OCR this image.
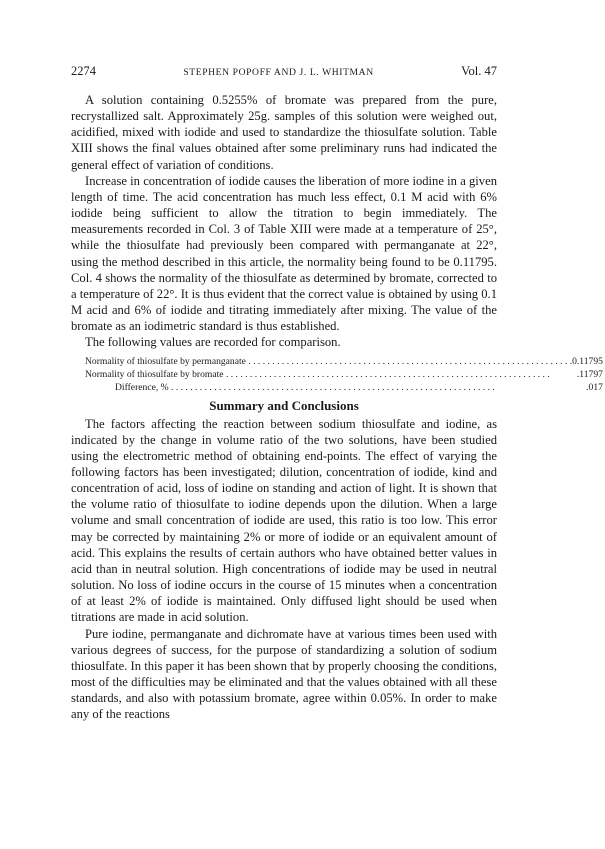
2274	STEPHEN POPOFF AND J. L. WHITMAN	Vol. 47

A solution containing 0.5255% of bromate was prepared from the pure, recrystallized salt. Approximately 25g. samples of this solution were weighed out, acidified, mixed with iodide and used to standardize the thiosulfate solution. Table XIII shows the final values obtained after some preliminary runs had indicated the general effect of variation of conditions.

Increase in concentration of iodide causes the liberation of more iodine in a given length of time. The acid concentration has much less effect, 0.1 M acid with 6% iodide being sufficient to allow the titration to begin immediately. The measurements recorded in Col. 3 of Table XIII were made at a temperature of 25°, while the thiosulfate had previously been compared with permanganate at 22°, using the method described in this article, the normality being found to be 0.11795. Col. 4 shows the normality of the thiosulfate as determined by bromate, corrected to a temperature of 22°. It is thus evident that the correct value is obtained by using 0.1 M acid and 6% of iodide and titrating immediately after mixing. The value of the bromate as an iodimetric standard is thus established.

The following values are recorded for comparison.

Normality of thiosulfate by permanganate . . .	0.11795
Normality of thiosulfate by bromate . . .	.11797
Difference, % . . .	.017
Summary and Conclusions

The factors affecting the reaction between sodium thiosulfate and iodine, as indicated by the change in volume ratio of the two solutions, have been studied using the electrometric method of obtaining end-points. The effect of varying the following factors has been investigated; dilution, concentration of iodide, kind and concentration of acid, loss of iodine on standing and action of light. It is shown that the volume ratio of thiosulfate to iodine depends upon the dilution. When a large volume and small concentration of iodide are used, this ratio is too low. This error may be corrected by maintaining 2% or more of iodide or an equivalent amount of acid. This explains the results of certain authors who have obtained better values in acid than in neutral solution. High concentrations of iodide may be used in neutral solution. No loss of iodine occurs in the course of 15 minutes when a concentration of at least 2% of iodide is maintained. Only diffused light should be used when titrations are made in acid solution.

Pure iodine, permanganate and dichromate have at various times been used with various degrees of success, for the purpose of standardizing a solution of sodium thiosulfate. In this paper it has been shown that by properly choosing the conditions, most of the difficulties may be eliminated and that the values obtained with all these standards, and also with potassium bromate, agree within 0.05%. In order to make any of the reactions
